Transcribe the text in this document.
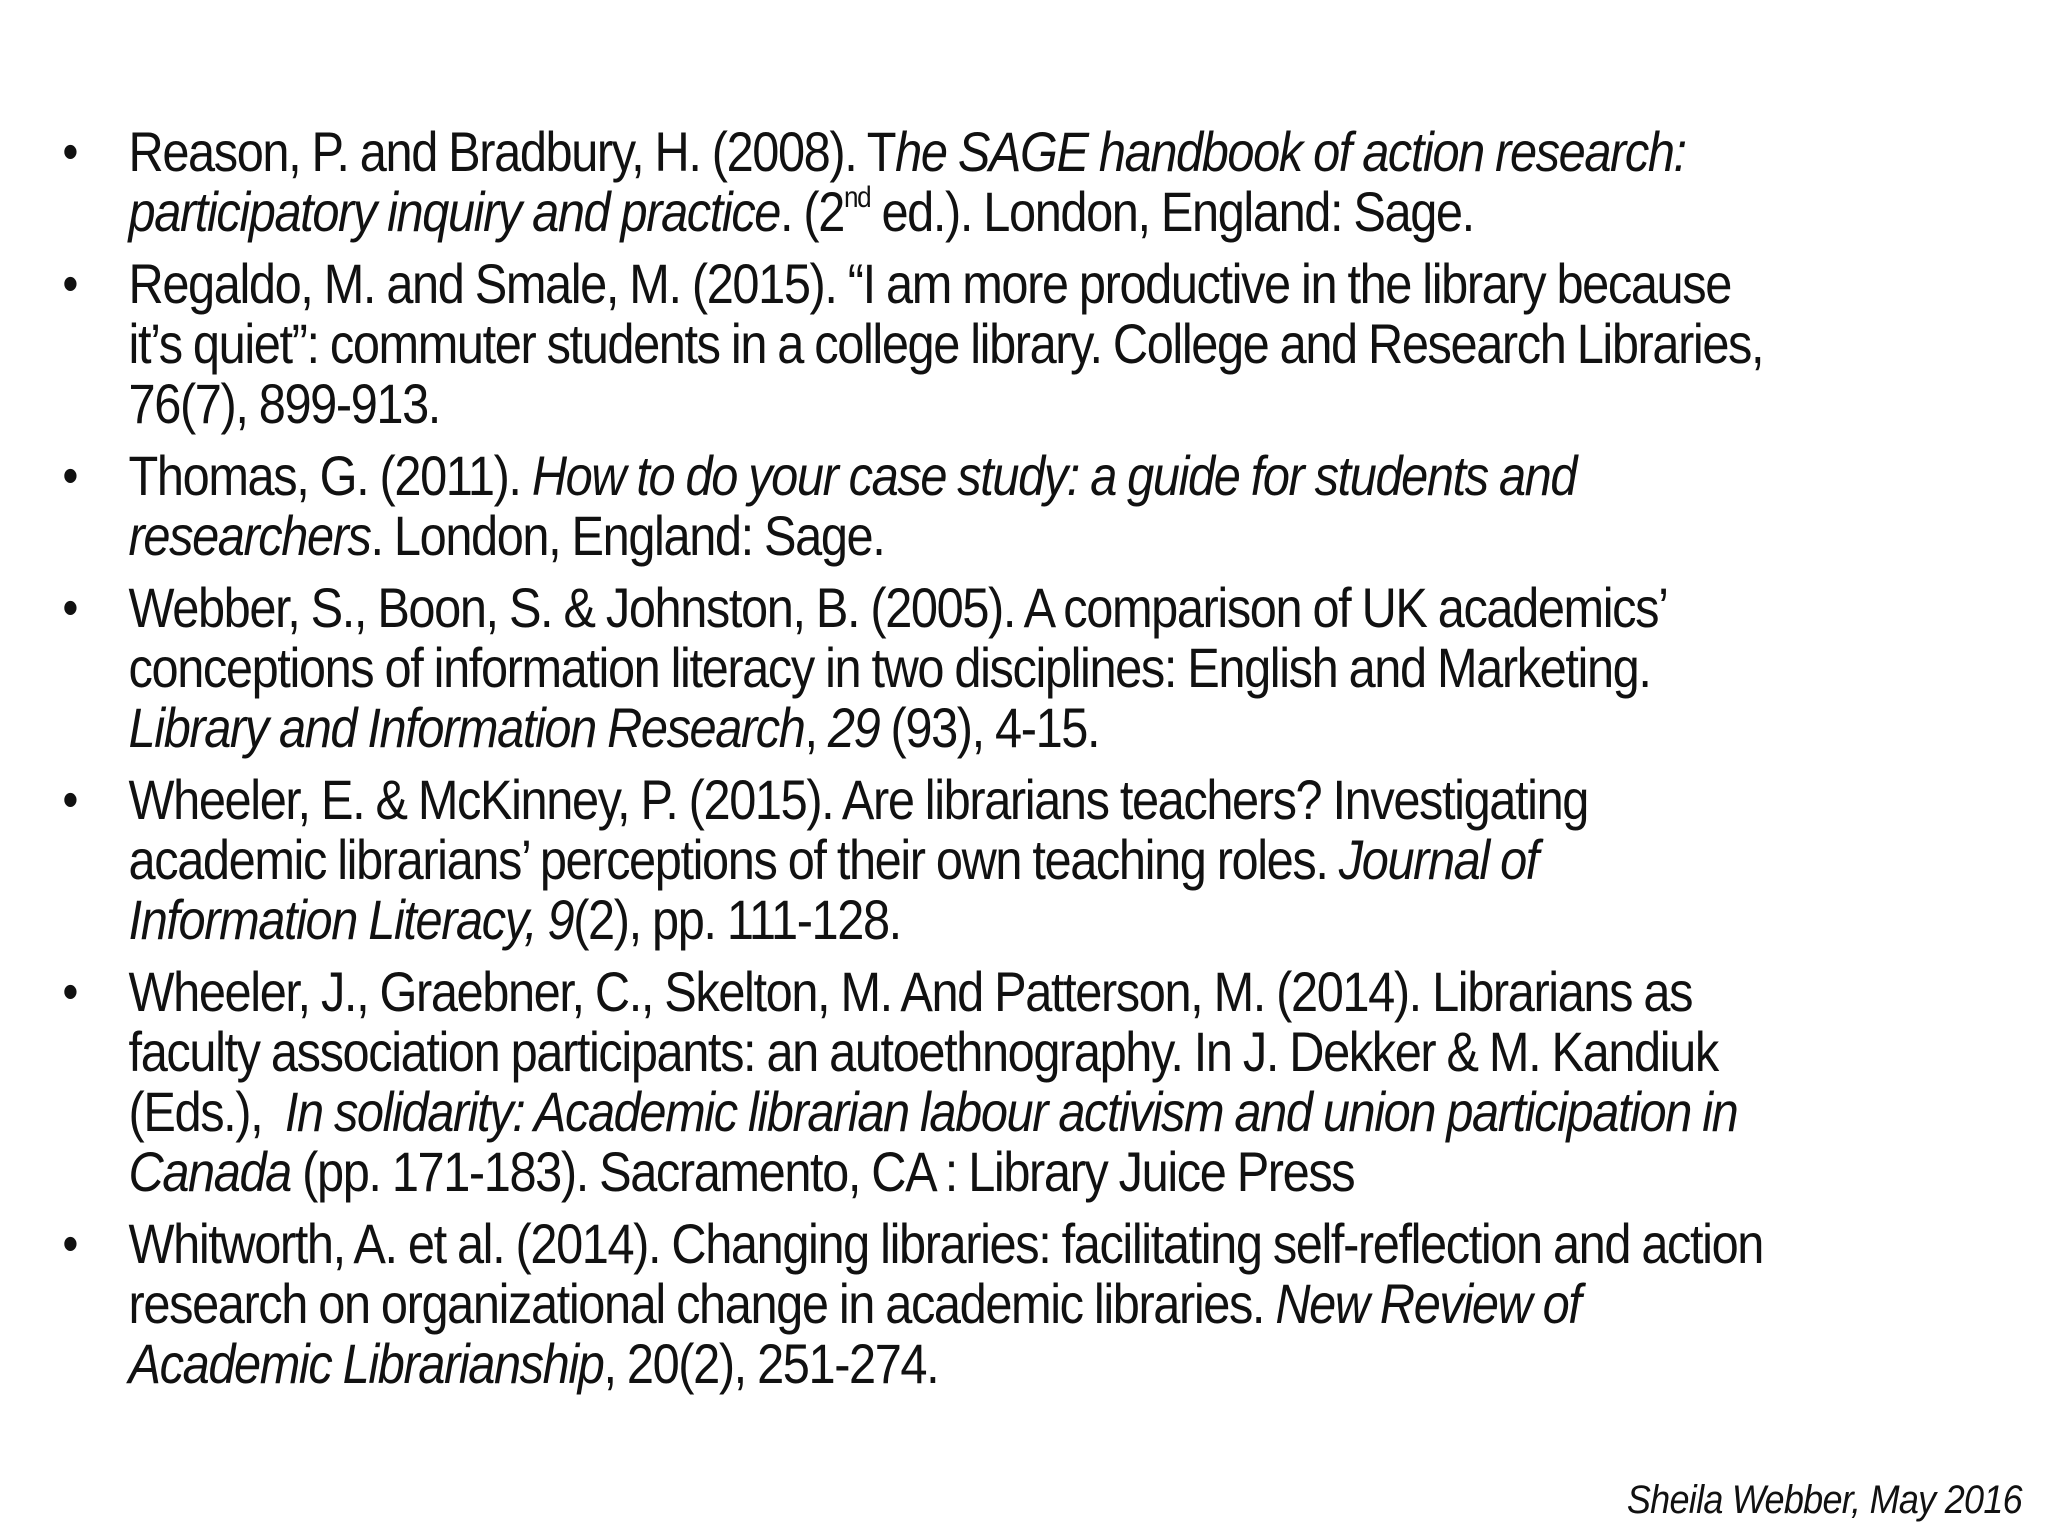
• Reason, P. and Bradbury, H. (2008). The SAGE handbook of action research:
participatory inquiry and practice. (2nd ed.). London, England: Sage.
• Regaldo, M. and Smale, M. (2015). “I am more productive in the library because
it’s quiet”: commuter students in a college library. College and Research Libraries,
76(7), 899-913.
• Thomas, G. (2011). How to do your case study: a guide for students and
researchers. London, England: Sage.
• Webber, S., Boon, S. & Johnston, B. (2005). A comparison of UK academics’
conceptions of information literacy in two disciplines: English and Marketing.
Library and Information Research, 29 (93), 4-15.
• Wheeler, E. & McKinney, P. (2015). Are librarians teachers? Investigating
academic librarians’ perceptions of their own teaching roles. Journal of
Information Literacy, 9(2), pp. 111-128.
• Wheeler, J., Graebner, C., Skelton, M. And Patterson, M. (2014). Librarians as
faculty association participants: an autoethnography. In J. Dekker & M. Kandiuk
(Eds.),  In solidarity: Academic librarian labour activism and union participation in
Canada (pp. 171-183). Sacramento, CA : Library Juice Press
• Whitworth, A. et al. (2014). Changing libraries: facilitating self-reflection and action
research on organizational change in academic libraries. New Review of
Academic Librarianship, 20(2), 251-274.
Sheila Webber, May 2016
